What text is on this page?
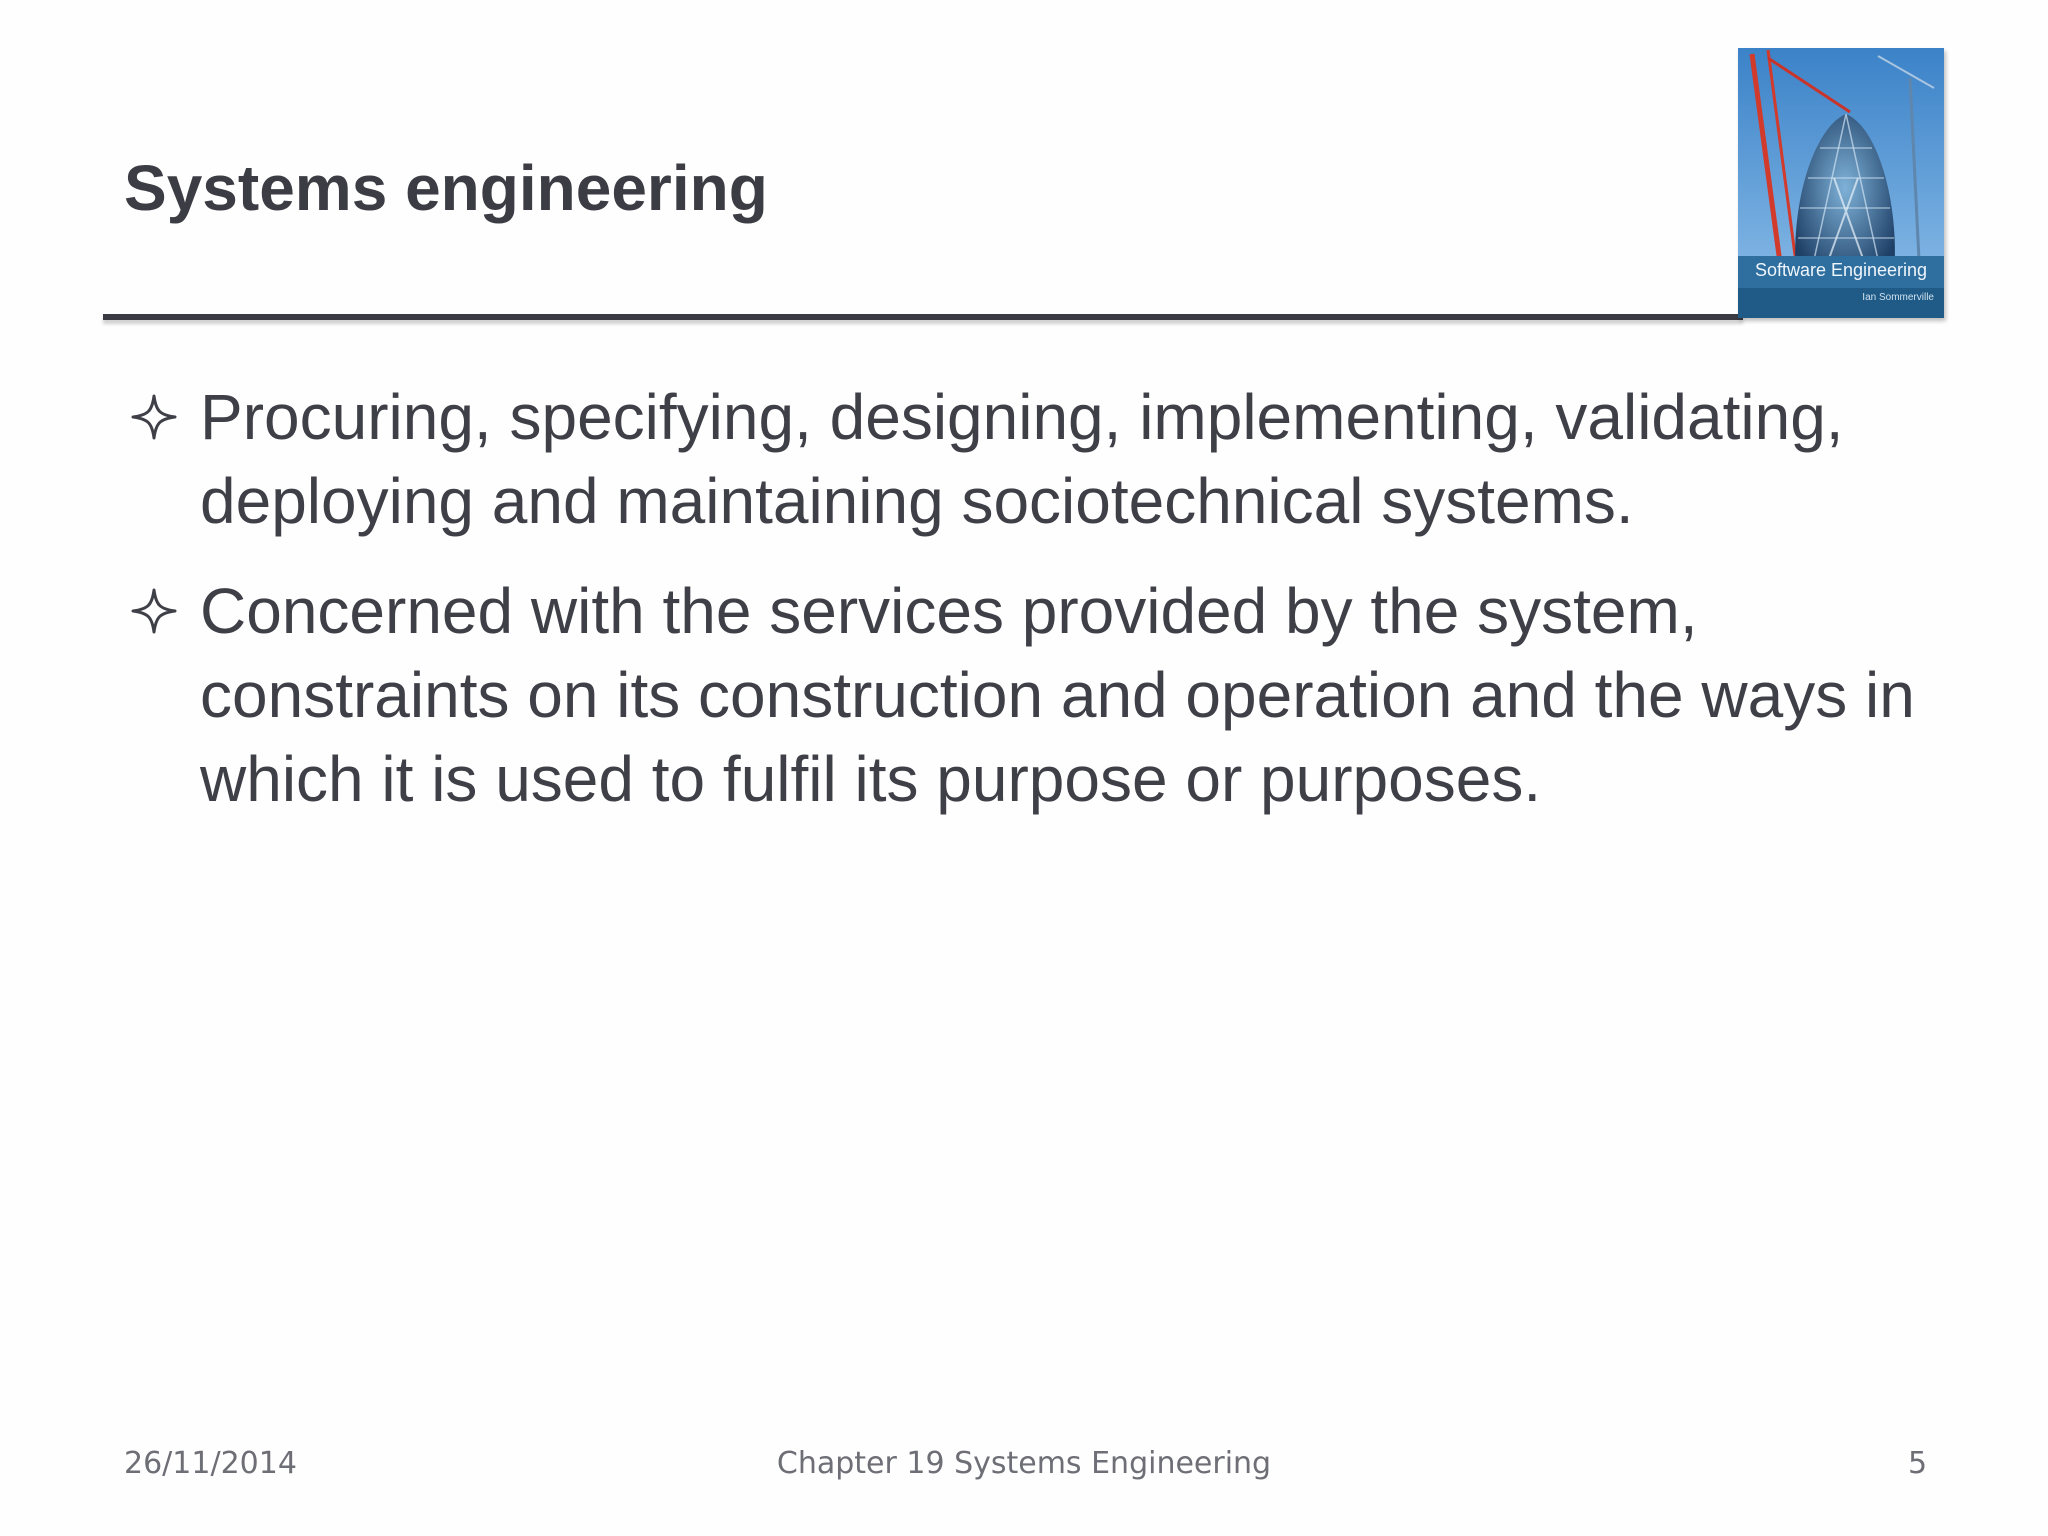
Systems engineering
Software Engineering
Ian Sommerville
Procuring, specifying, designing, implementing, validating, deploying and maintaining sociotechnical systems.
Concerned with the services provided by the system, constraints on its construction and operation and the ways in which it is used to fulfil its purpose or purposes.
26/11/2014	Chapter 19 Systems Engineering	5
